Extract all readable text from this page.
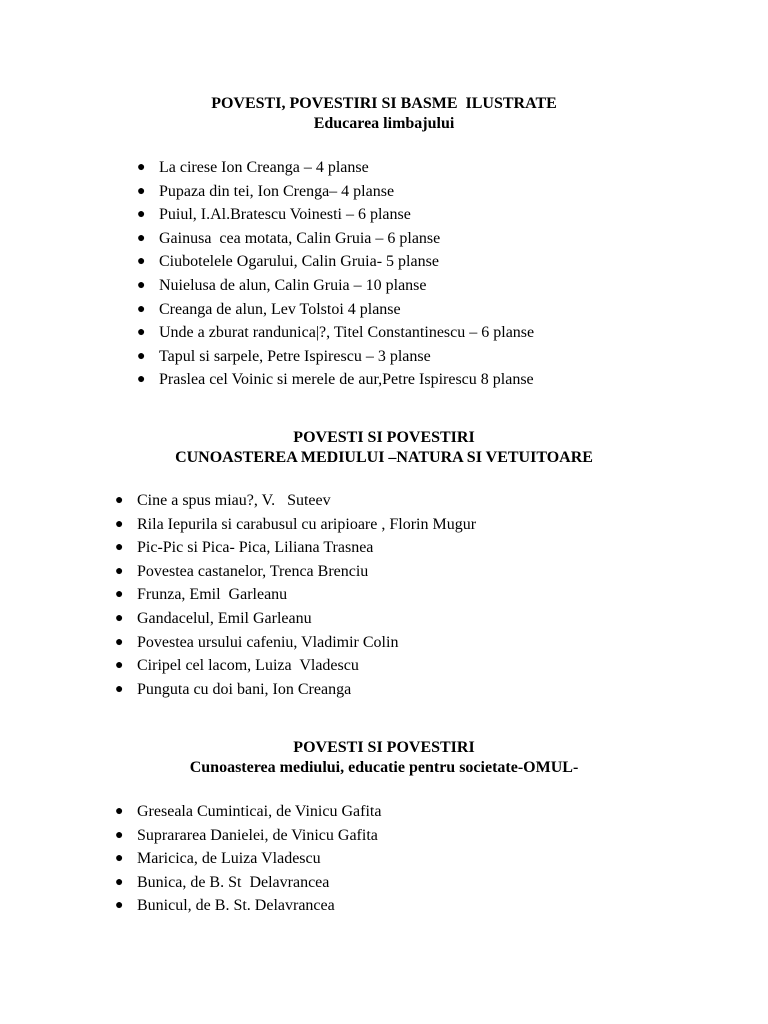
POVESTI, POVESTIRI SI BASME  ILUSTRATE
Educarea limbajului
● La cirese Ion Creanga – 4 planse
● Pupaza din tei, Ion Crenga– 4 planse
● Puiul, I.Al.Bratescu Voinesti – 6 planse
● Gainusa  cea motata, Calin Gruia – 6 planse
● Ciubotelele Ogarului, Calin Gruia- 5 planse
● Nuielusa de alun, Calin Gruia – 10 planse
● Creanga de alun, Lev Tolstoi 4 planse
● Unde a zburat randunica|?, Titel Constantinescu – 6 planse
● Tapul si sarpele, Petre Ispirescu – 3 planse
● Praslea cel Voinic si merele de aur,Petre Ispirescu 8 planse
POVESTI SI POVESTIRI
CUNOASTEREA MEDIULUI –NATURA SI VETUITOARE
● Cine a spus miau?, V.   Suteev
● Rila Iepurila si carabusul cu aripioare , Florin Mugur
● Pic-Pic si Pica- Pica, Liliana Trasnea
● Povestea castanelor, Trenca Brenciu
● Frunza, Emil  Garleanu
● Gandacelul, Emil Garleanu
● Povestea ursului cafeniu, Vladimir Colin
● Ciripel cel lacom, Luiza  Vladescu
● Punguta cu doi bani, Ion Creanga
POVESTI SI POVESTIRI
Cunoasterea mediului, educatie pentru societate-OMUL-
● Greseala Cuminticai, de Vinicu Gafita
● Suprararea Danielei, de Vinicu Gafita
● Maricica, de Luiza Vladescu
● Bunica, de B. St  Delavrancea
● Bunicul, de B. St. Delavrancea
